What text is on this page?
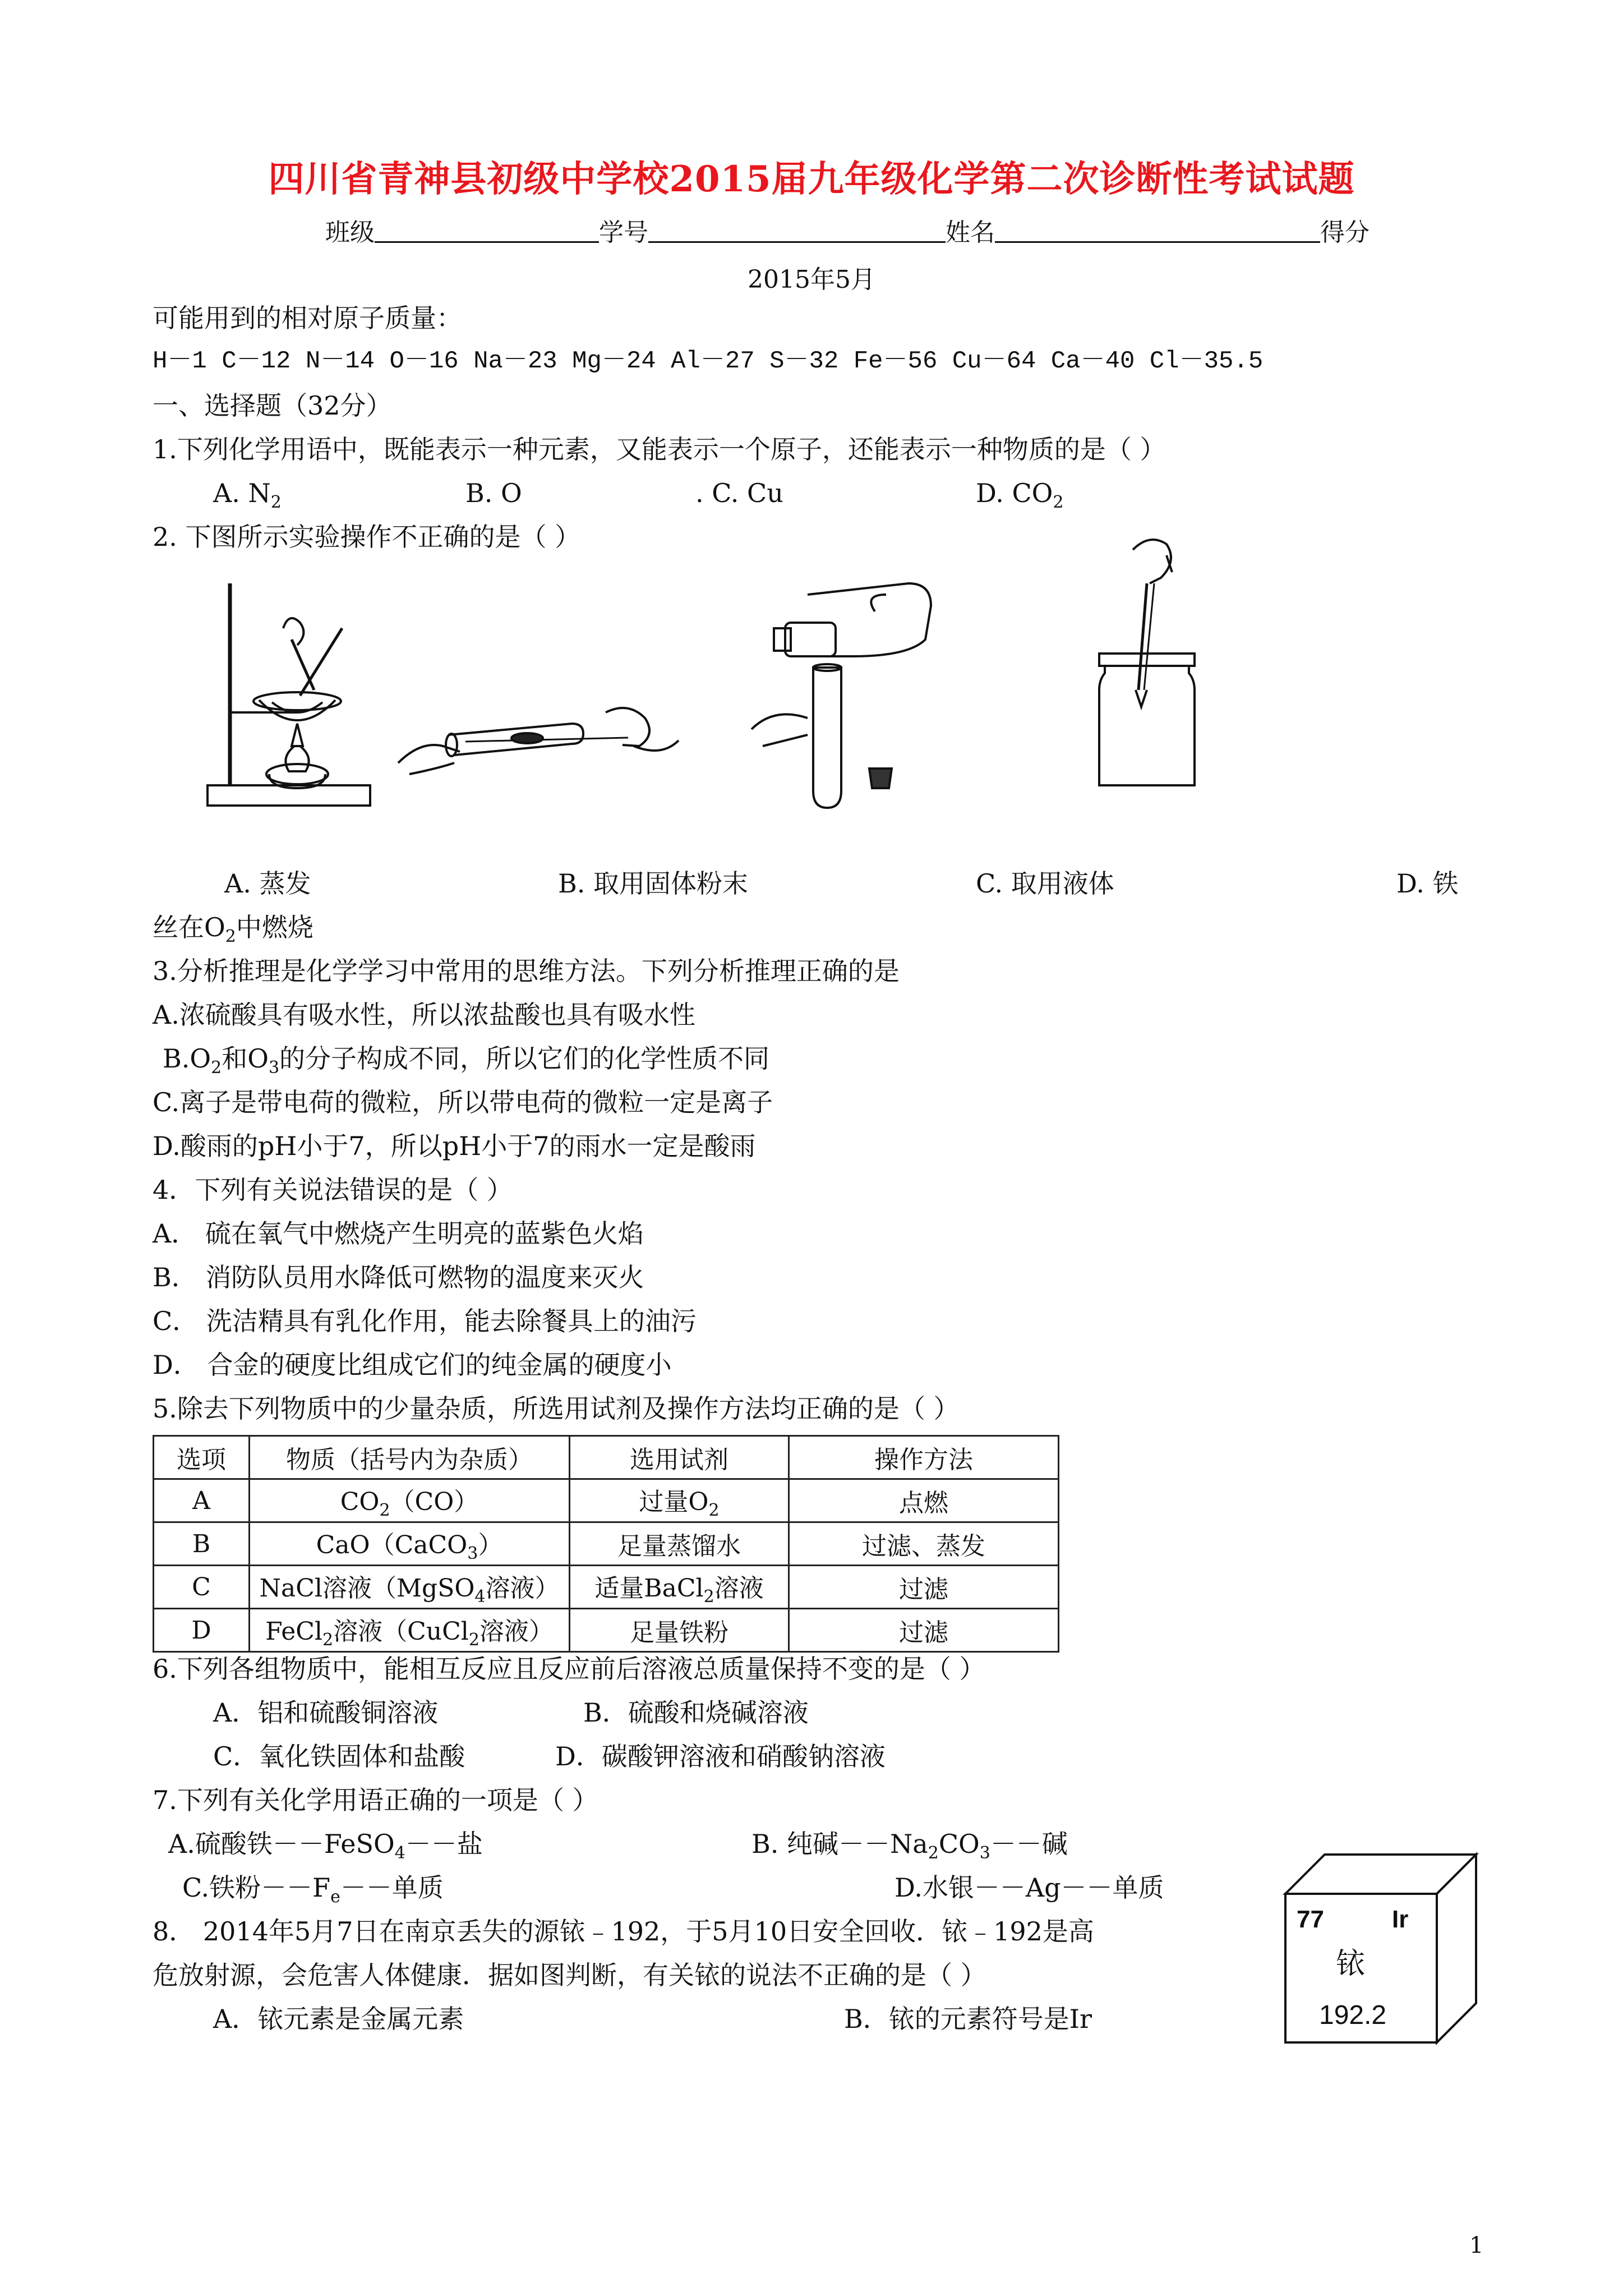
四川省青神县初级中学校2015届九年级化学第二次诊断性考试试题
班级	学号	姓名	得分
2015年5月
可能用到的相对原子质量：
H－1 C－12 N－14 O－16 Na－23 Mg－24 Al－27 S－32 Fe－56 Cu－64 Ca－40 Cl－35.5
一、选择题（32分）
1.下列化学用语中，既能表示一种元素，又能表示一个原子，还能表示一种物质的是（ ）
A. $N_2$	B. O	. C. Cu	D. $CO_2$
2. 下图所示实验操作不正确的是（ ）
A. 蒸发	B. 取用固体粉末	C. 取用液体	D. 铁
丝在$O_2$中燃烧
3.分析推理是化学学习中常用的思维方法。下列分析推理正确的是
A.浓硫酸具有吸水性，所以浓盐酸也具有吸水性
$B.O_2$和$O_3$的分子构成不同，所以它们的化学性质不同
C.离子是带电荷的微粒，所以带电荷的微粒一定是离子
D.酸雨的pH小于7，所以pH小于7的雨水一定是酸雨
4．下列有关说法错误的是（ ）
A． 硫在氧气中燃烧产生明亮的蓝紫色火焰
B． 消防队员用水降低可燃物的温度来灭火
C． 洗洁精具有乳化作用，能去除餐具上的油污
D． 合金的硬度比组成它们的纯金属的硬度小
5.除去下列物质中的少量杂质，所选用试剂及操作方法均正确的是（ ）
选项	物质（括号内为杂质）	选用试剂	操作方法
A	$CO_2(CO)$	过量$O_2$	点燃
B	CaO（CaCO$_3$）	足量蒸馏水	过滤、蒸发
C	NaCl溶液（MgSO$_4$溶液）	适量BaCl$_2$溶液	过滤
D	FeCl$_2$溶液（CuCl$_2$溶液）	足量铁粉	过滤
6.下列各组物质中，能相互反应且反应前后溶液总质量保持不变的是（ ）
A．铝和硫酸铜溶液	B．硫酸和烧碱溶液
C．氧化铁固体和盐酸	D．碳酸钾溶液和硝酸钠溶液
7.下列有关化学用语正确的一项是（ ）
A.硫酸铁－－FeSO$_4$－－盐	B. 纯碱$--Na_2CO_3--$碱
C.铁粉$--F_e--$单质	D.水银－－Ag－－单质
8． 2014年5月7日在南京丢失的源铱﹣192，于5月10日安全回收．铱﹣192是高
危放射源，会危害人体健康．据如图判断，有关铱的说法不正确的是（ ）
A．铱元素是金属元素	B．铱的元素符号是Ir
77	Ir
铱
192.2
1
